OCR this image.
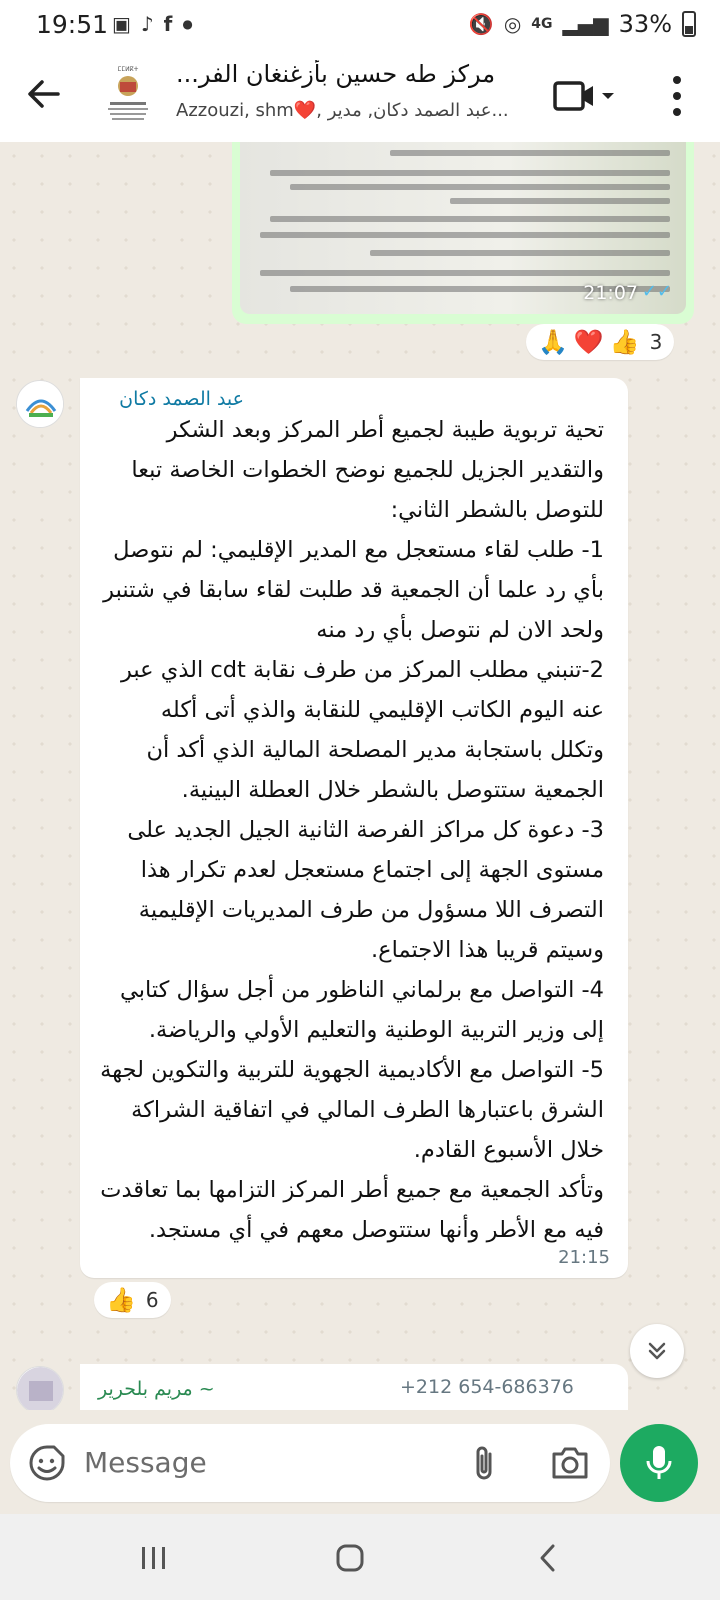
19:51 ▣ ♪ f ●	🔇 ◎ 4G ▂▄▆ 33%
ⵎⵎⵍⴽⵜ مركز طه حسين بأزغنغان الفر...
Azzouzi, shm❤️, عبد الصمد دكان, مدير...
21:07 ✓✓
🙏 ❤️ 👍 3
عبد الصمد دكان

تحية تربوية طيبة لجميع أطر المركز وبعد الشكر والتقدير الجزيل للجميع نوضح الخطوات الخاصة تبعا للتوصل بالشطر الثاني:

1- طلب لقاء مستعجل مع المدير الإقليمي: لم نتوصل بأي رد علما أن الجمعية قد طلبت لقاء سابقا في شتنبر ولحد الان لم نتوصل بأي رد منه

2-تنبني مطلب المركز من طرف نقابة cdt الذي عبر عنه اليوم الكاتب الإقليمي للنقابة والذي أتى أكله وتكلل باستجابة مدير المصلحة المالية الذي أكد أن الجمعية ستتوصل بالشطر خلال العطلة البينية.

3- دعوة كل مراكز الفرصة الثانية الجيل الجديد على مستوى الجهة إلى اجتماع مستعجل لعدم تكرار هذا التصرف اللا مسؤول من طرف المديريات الإقليمية وسيتم قريبا هذا الاجتماع.

4- التواصل مع برلماني الناظور من أجل سؤال كتابي إلى وزير التربية الوطنية والتعليم الأولي والرياضة.

5- التواصل مع الأكاديمية الجهوية للتربية والتكوين لجهة الشرق باعتبارها الطرف المالي في اتفاقية الشراكة خلال الأسبوع القادم.

وتأكد الجمعية مع جميع أطر المركز التزامها بما تعاقدت فيه مع الأطر وأنها ستتوصل معهم في أي مستجد.

21:15
👍 6
+212 654-686376
~ مريم بلحرير
Message
